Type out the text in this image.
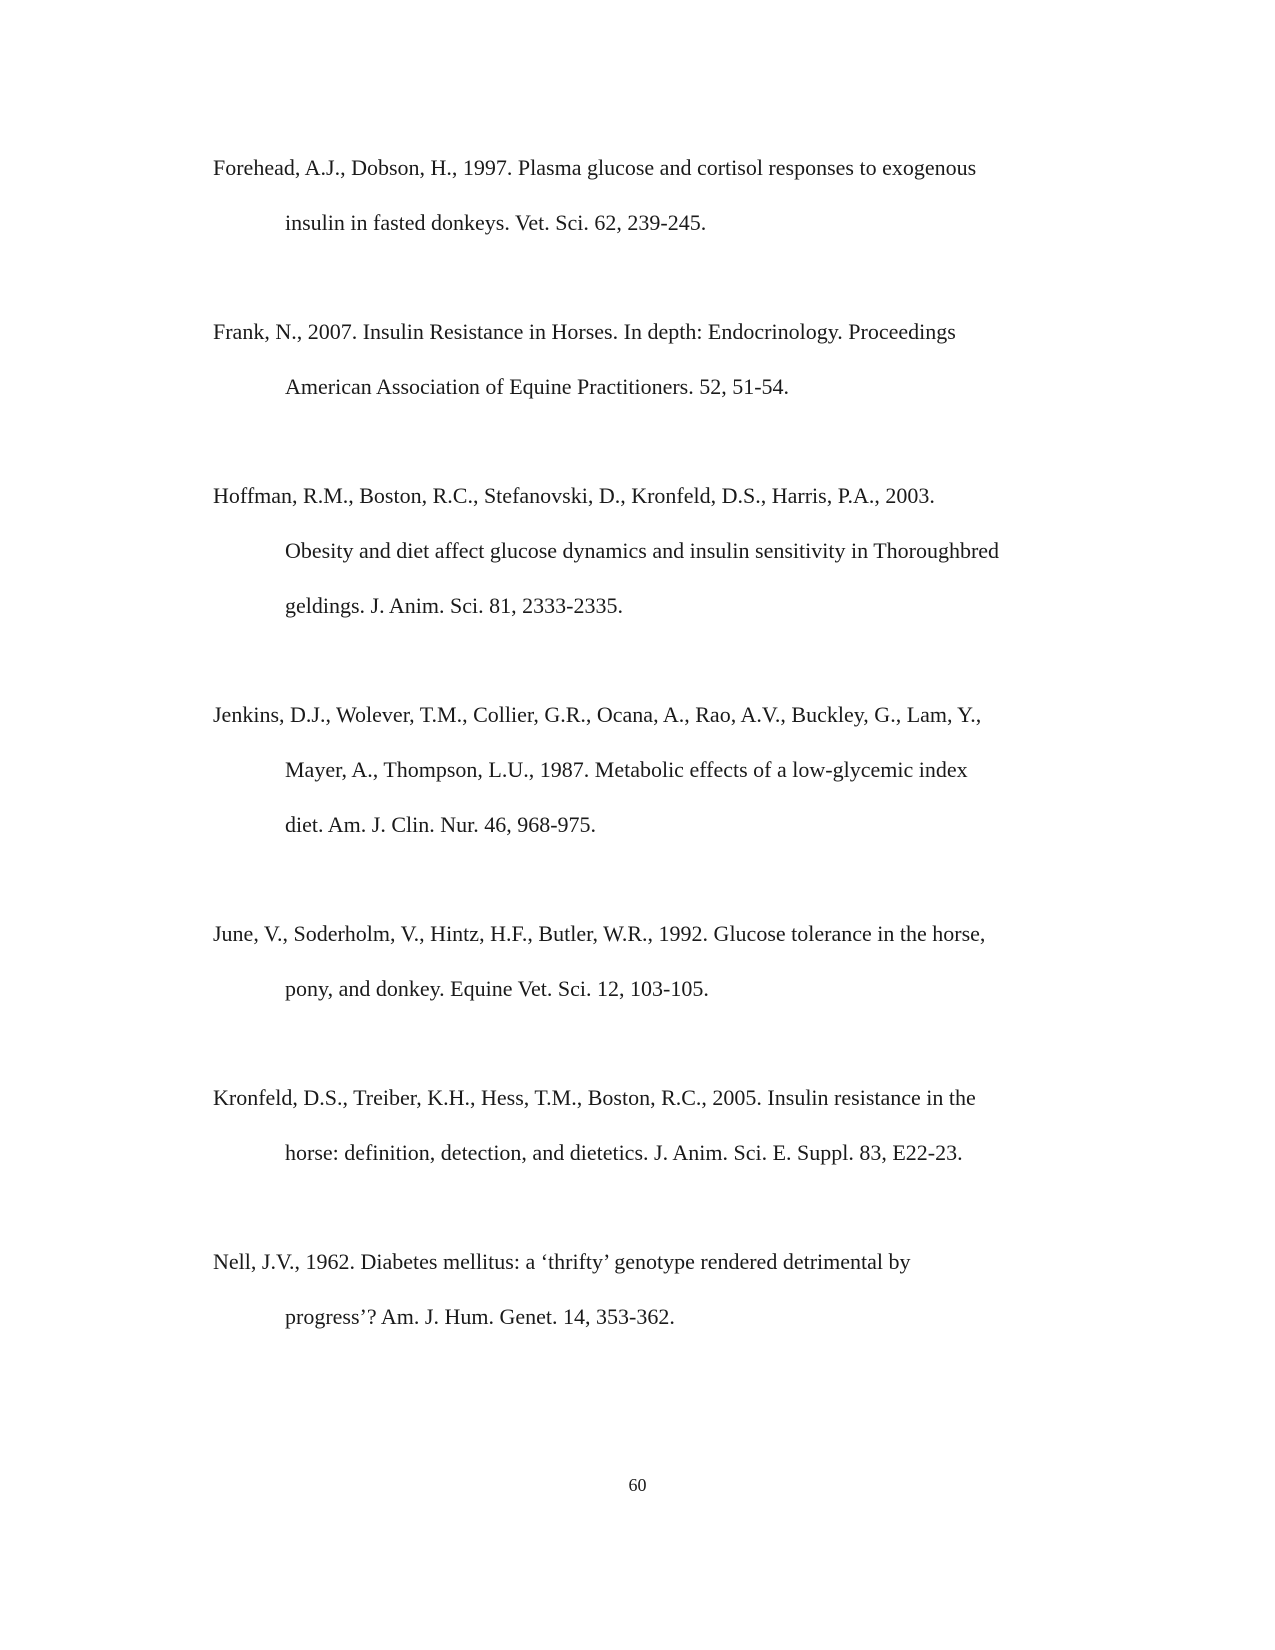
Forehead, A.J., Dobson, H., 1997. Plasma glucose and cortisol responses to exogenous
insulin in fasted donkeys. Vet. Sci. 62, 239-245.
Frank, N., 2007. Insulin Resistance in Horses. In depth: Endocrinology. Proceedings
American Association of Equine Practitioners. 52, 51-54.
Hoffman, R.M., Boston, R.C., Stefanovski, D., Kronfeld, D.S., Harris, P.A., 2003.
Obesity and diet affect glucose dynamics and insulin sensitivity in Thoroughbred
geldings. J. Anim. Sci. 81, 2333-2335.
Jenkins, D.J., Wolever, T.M., Collier, G.R., Ocana, A., Rao, A.V., Buckley, G., Lam, Y.,
Mayer, A., Thompson, L.U., 1987. Metabolic effects of a low-glycemic index
diet. Am. J. Clin. Nur. 46, 968-975.
June, V., Soderholm, V., Hintz, H.F., Butler, W.R., 1992. Glucose tolerance in the horse,
pony, and donkey. Equine Vet. Sci. 12, 103-105.
Kronfeld, D.S., Treiber, K.H., Hess, T.M., Boston, R.C., 2005. Insulin resistance in the
horse: definition, detection, and dietetics. J. Anim. Sci. E. Suppl. 83, E22-23.
Nell, J.V., 1962. Diabetes mellitus: a ‘thrifty’ genotype rendered detrimental by
progress’? Am. J. Hum. Genet. 14, 353-362.
60
